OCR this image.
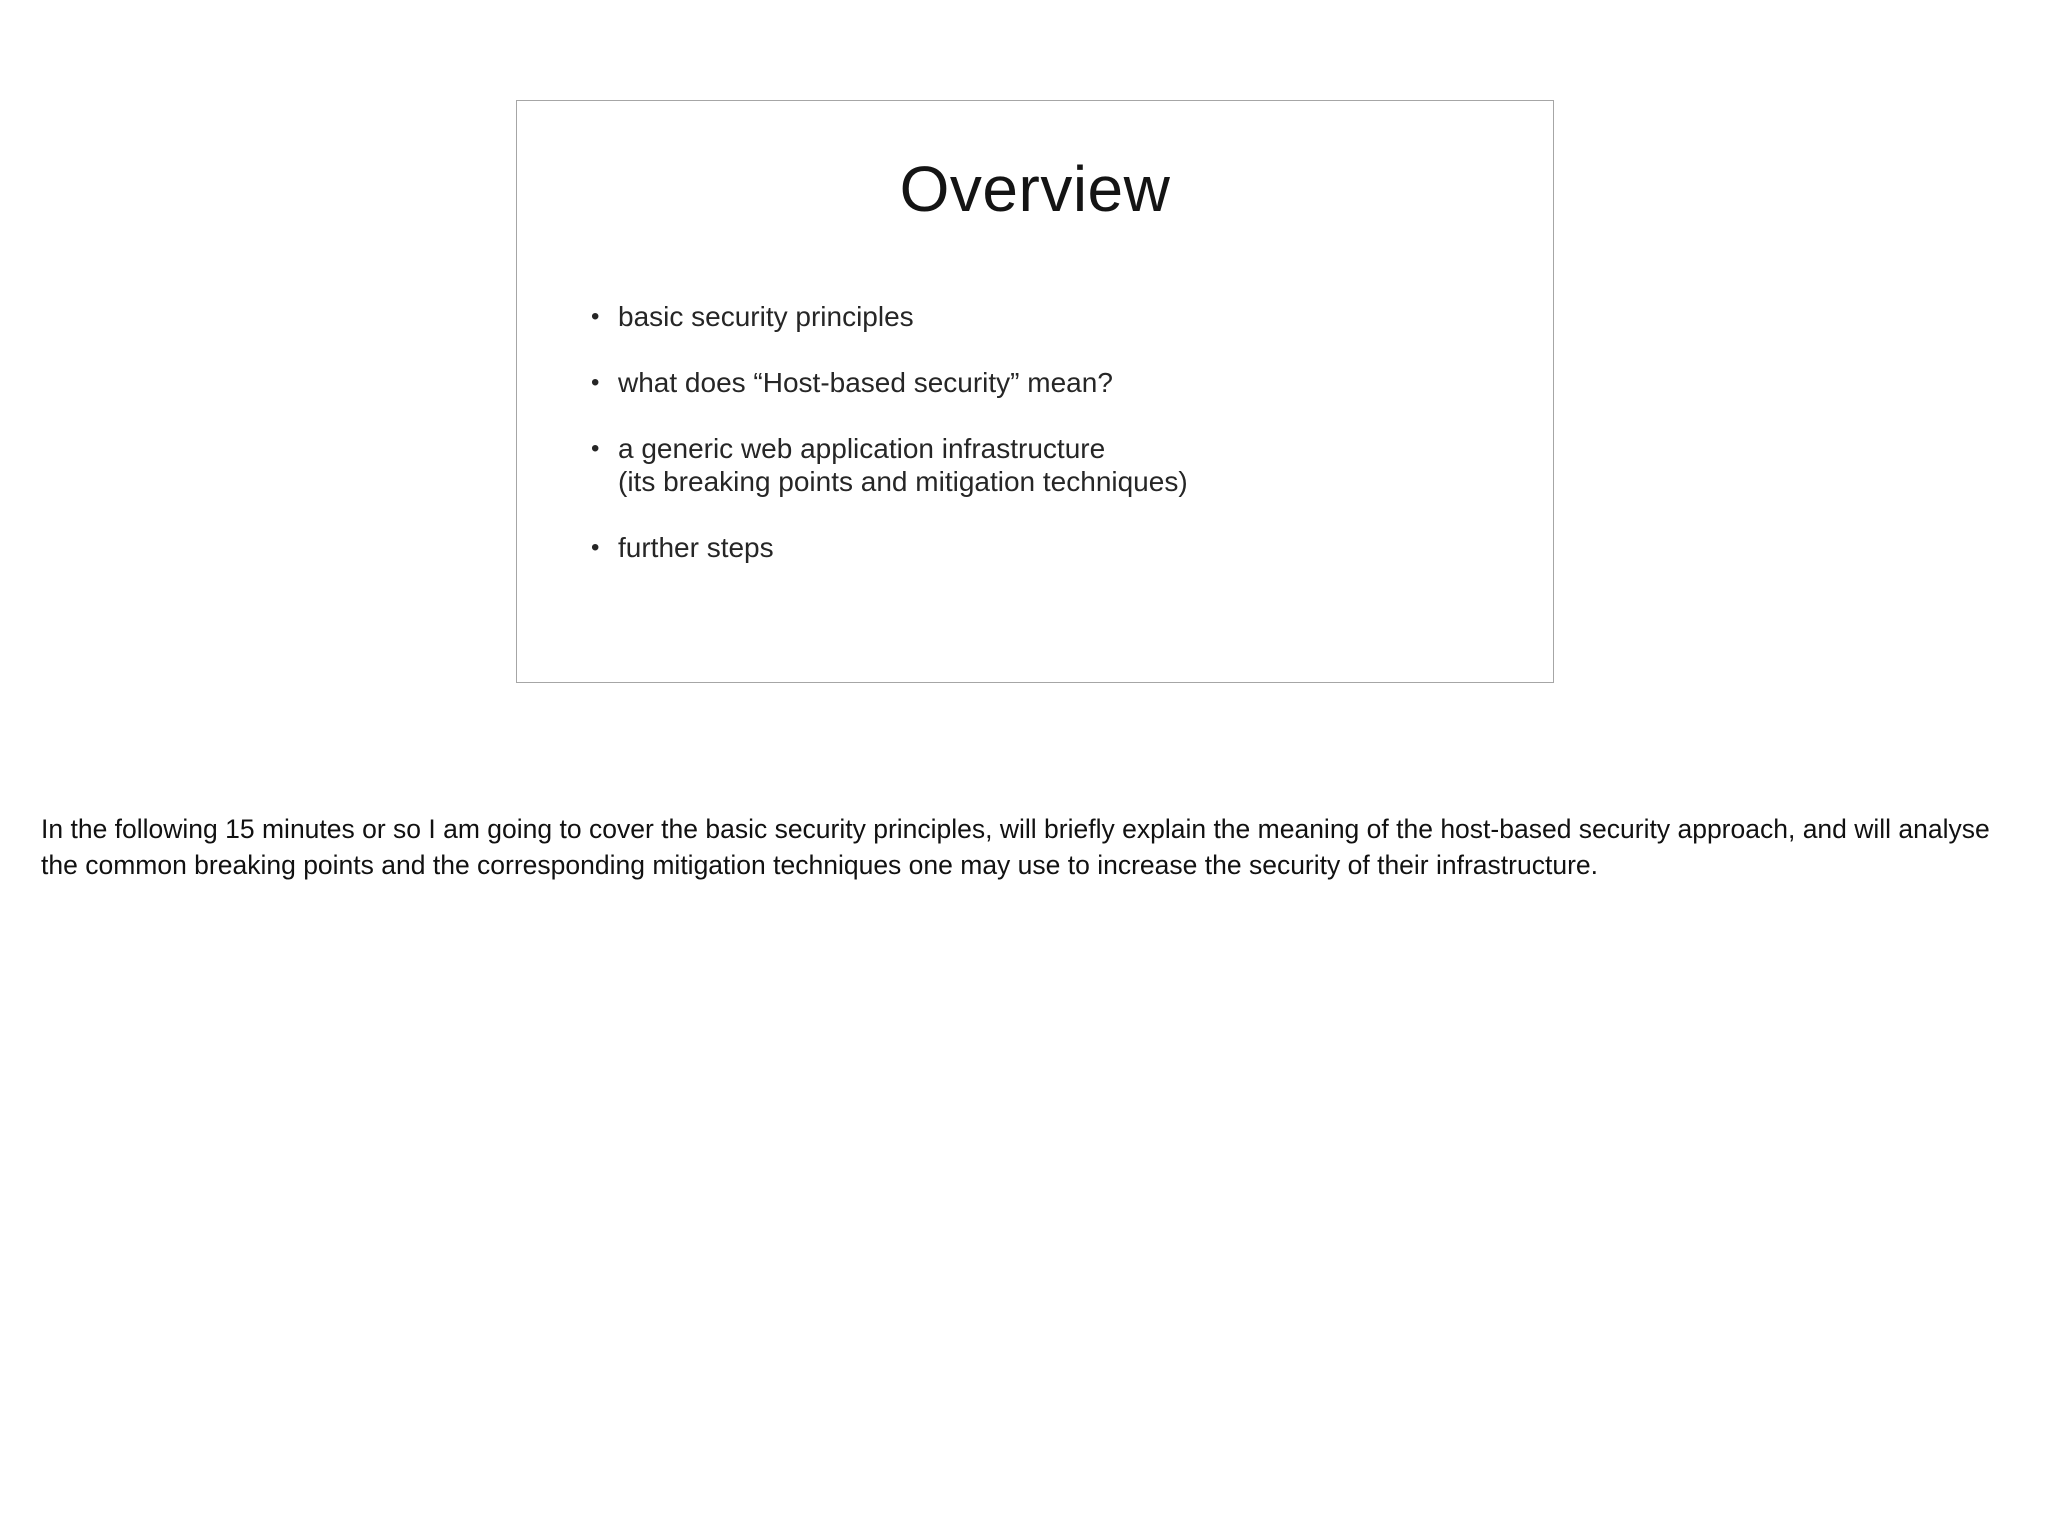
Overview
• basic security principles
• what does “Host-based security” mean?
• a generic web application infrastructure
(its breaking points and mitigation techniques)
• further steps

In the following 15 minutes or so I am going to cover the basic security principles, will briefly explain the meaning of the host-based security approach, and will analyse the common breaking points and the corresponding mitigation techniques one may use to increase the security of their infrastructure.
